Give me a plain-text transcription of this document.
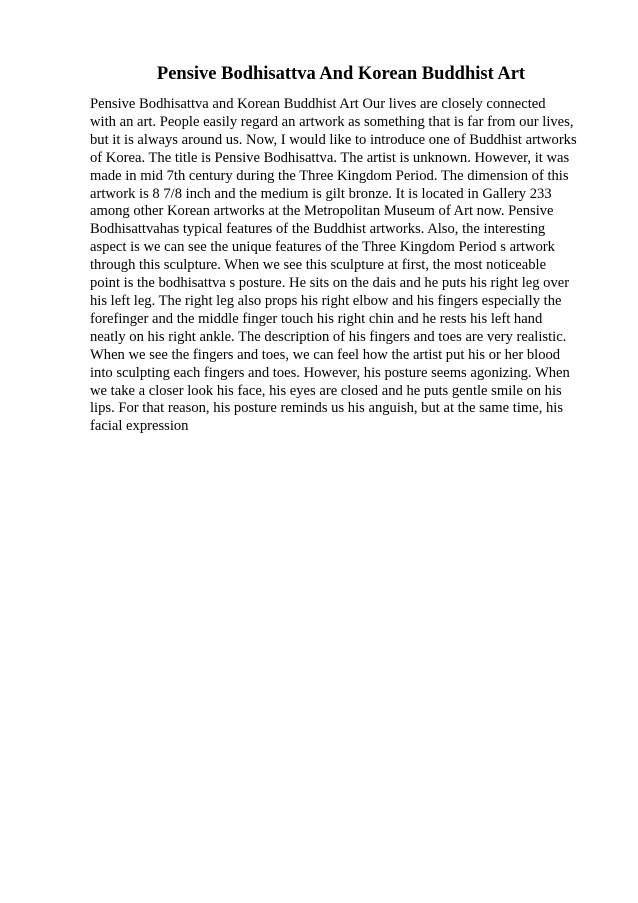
Pensive Bodhisattva And Korean Buddhist Art
Pensive Bodhisattva and Korean Buddhist Art Our lives are closely connected
with an art. People easily regard an artwork as something that is far from our lives,
but it is always around us. Now, I would like to introduce one of Buddhist artworks
of Korea. The title is Pensive Bodhisattva. The artist is unknown. However, it was
made in mid 7th century during the Three Kingdom Period. The dimension of this
artwork is 8 7/8 inch and the medium is gilt bronze. It is located in Gallery 233
among other Korean artworks at the Metropolitan Museum of Art now. Pensive
Bodhisattvahas typical features of the Buddhist artworks. Also, the interesting
aspect is we can see the unique features of the Three Kingdom Period s artwork
through this sculpture. When we see this sculpture at first, the most noticeable
point is the bodhisattva s posture. He sits on the dais and he puts his right leg over
his left leg. The right leg also props his right elbow and his fingers especially the
forefinger and the middle finger touch his right chin and he rests his left hand
neatly on his right ankle. The description of his fingers and toes are very realistic.
When we see the fingers and toes, we can feel how the artist put his or her blood
into sculpting each fingers and toes. However, his posture seems agonizing. When
we take a closer look his face, his eyes are closed and he puts gentle smile on his
lips. For that reason, his posture reminds us his anguish, but at the same time, his
facial expression
